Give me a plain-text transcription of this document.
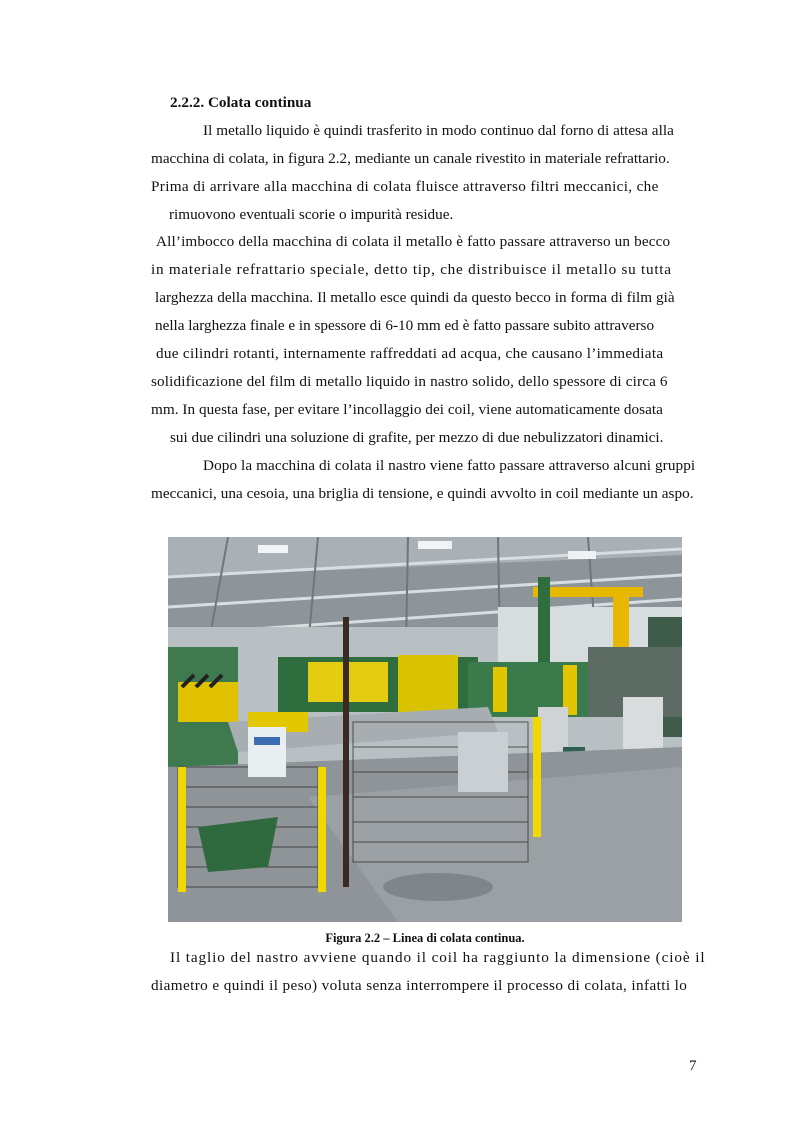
2.2.2. Colata continua
Il metallo liquido è quindi trasferito in modo continuo dal forno di attesa alla
macchina di colata, in figura 2.2, mediante un canale rivestito in materiale refrattario.
Prima di arrivare alla macchina di colata fluisce attraverso filtri meccanici, che
rimuovono eventuali scorie o impurità residue.
All’imbocco della macchina di colata il metallo è fatto passare attraverso un becco
in materiale refrattario speciale, detto tip, che distribuisce il metallo su tutta
larghezza della macchina. Il metallo esce quindi da questo becco in forma di film già
nella larghezza finale e in spessore di 6-10 mm ed è fatto passare subito attraverso
due cilindri rotanti, internamente raffreddati ad acqua, che causano l’immediata
solidificazione del film di metallo liquido in nastro solido, dello spessore di circa 6
mm. In questa fase, per evitare l’incollaggio dei coil, viene automaticamente dosata
sui due cilindri una soluzione di grafite, per mezzo di due nebulizzatori dinamici.
Dopo la macchina di colata il nastro viene fatto passare attraverso alcuni gruppi
meccanici, una cesoia, una briglia di tensione, e quindi avvolto in coil mediante un aspo.
Figura 2.2 – Linea di colata continua.
Il taglio del nastro avviene quando il coil ha raggiunto la dimensione (cioè il
diametro e quindi il peso) voluta senza interrompere il processo di colata, infatti lo
7
